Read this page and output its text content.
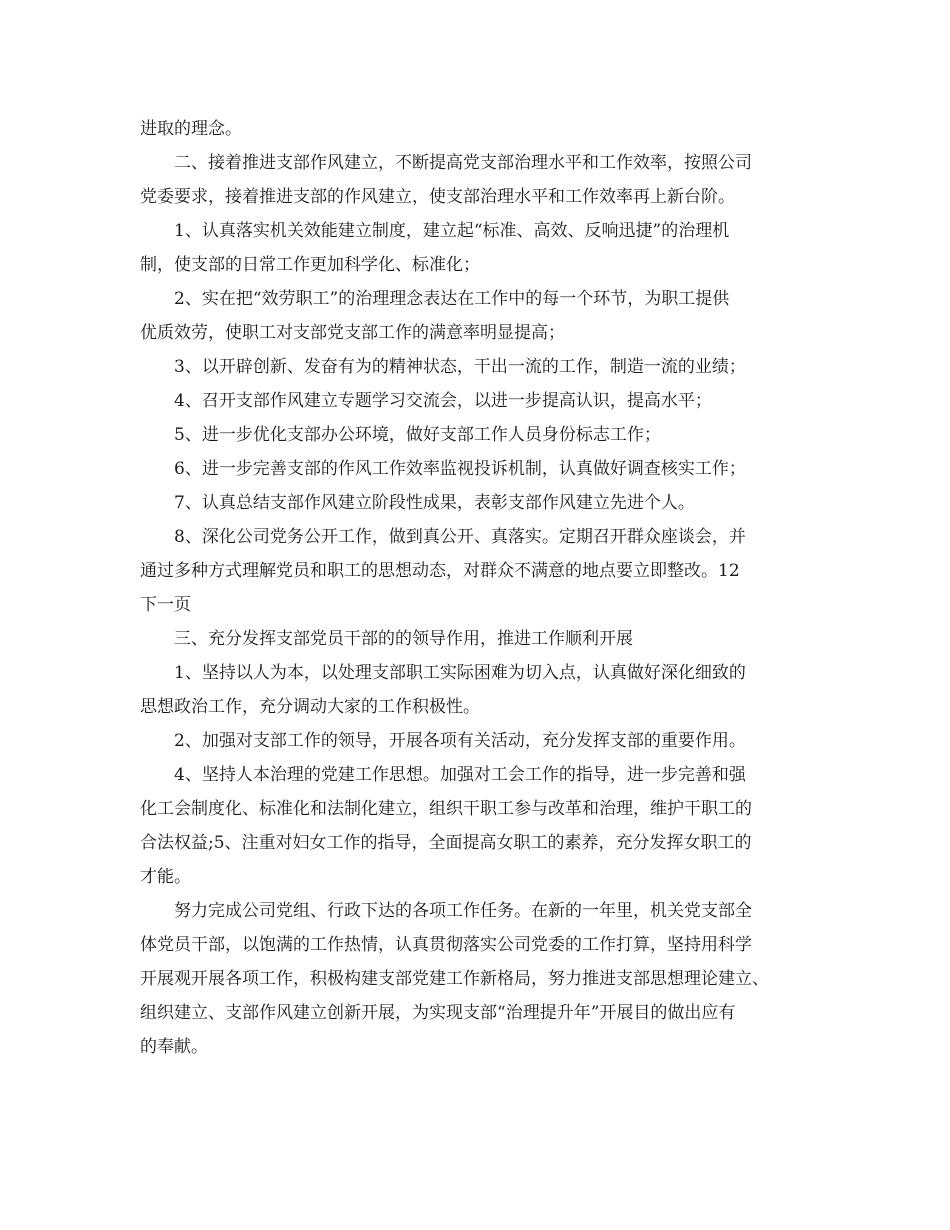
进取的理念。
二、接着推进支部作风建立，不断提高党支部治理水平和工作效率，按照公司
党委要求，接着推进支部的作风建立，使支部治理水平和工作效率再上新台阶。
1、认真落实机关效能建立制度，建立起“标准、高效、反响迅捷”的治理机
制，使支部的日常工作更加科学化、标准化；
2、实在把“效劳职工”的治理理念表达在工作中的每一个环节，为职工提供
优质效劳，使职工对支部党支部工作的满意率明显提高；
3、以开辟创新、发奋有为的精神状态，干出一流的工作，制造一流的业绩；
4、召开支部作风建立专题学习交流会，以进一步提高认识，提高水平；
5、进一步优化支部办公环境，做好支部工作人员身份标志工作；
6、进一步完善支部的作风工作效率监视投诉机制，认真做好调查核实工作；
7、认真总结支部作风建立阶段性成果，表彰支部作风建立先进个人。
8、深化公司党务公开工作，做到真公开、真落实。定期召开群众座谈会，并
通过多种方式理解党员和职工的思想动态，对群众不满意的地点要立即整改。12
下一页
三、充分发挥支部党员干部的的领导作用，推进工作顺利开展
1、坚持以人为本，以处理支部职工实际困难为切入点，认真做好深化细致的
思想政治工作，充分调动大家的工作积极性。
2、加强对支部工作的领导，开展各项有关活动，充分发挥支部的重要作用。
4、坚持人本治理的党建工作思想。加强对工会工作的指导，进一步完善和强
化工会制度化、标准化和法制化建立，组织干职工参与改革和治理，维护干职工的
合法权益;5、注重对妇女工作的指导，全面提高女职工的素养，充分发挥女职工的
才能。
努力完成公司党组、行政下达的各项工作任务。在新的一年里，机关党支部全
体党员干部，以饱满的工作热情，认真贯彻落实公司党委的工作打算，坚持用科学
开展观开展各项工作，积极构建支部党建工作新格局，努力推进支部思想理论建立、
组织建立、支部作风建立创新开展，为实现支部“治理提升年”开展目的做出应有
的奉献。
